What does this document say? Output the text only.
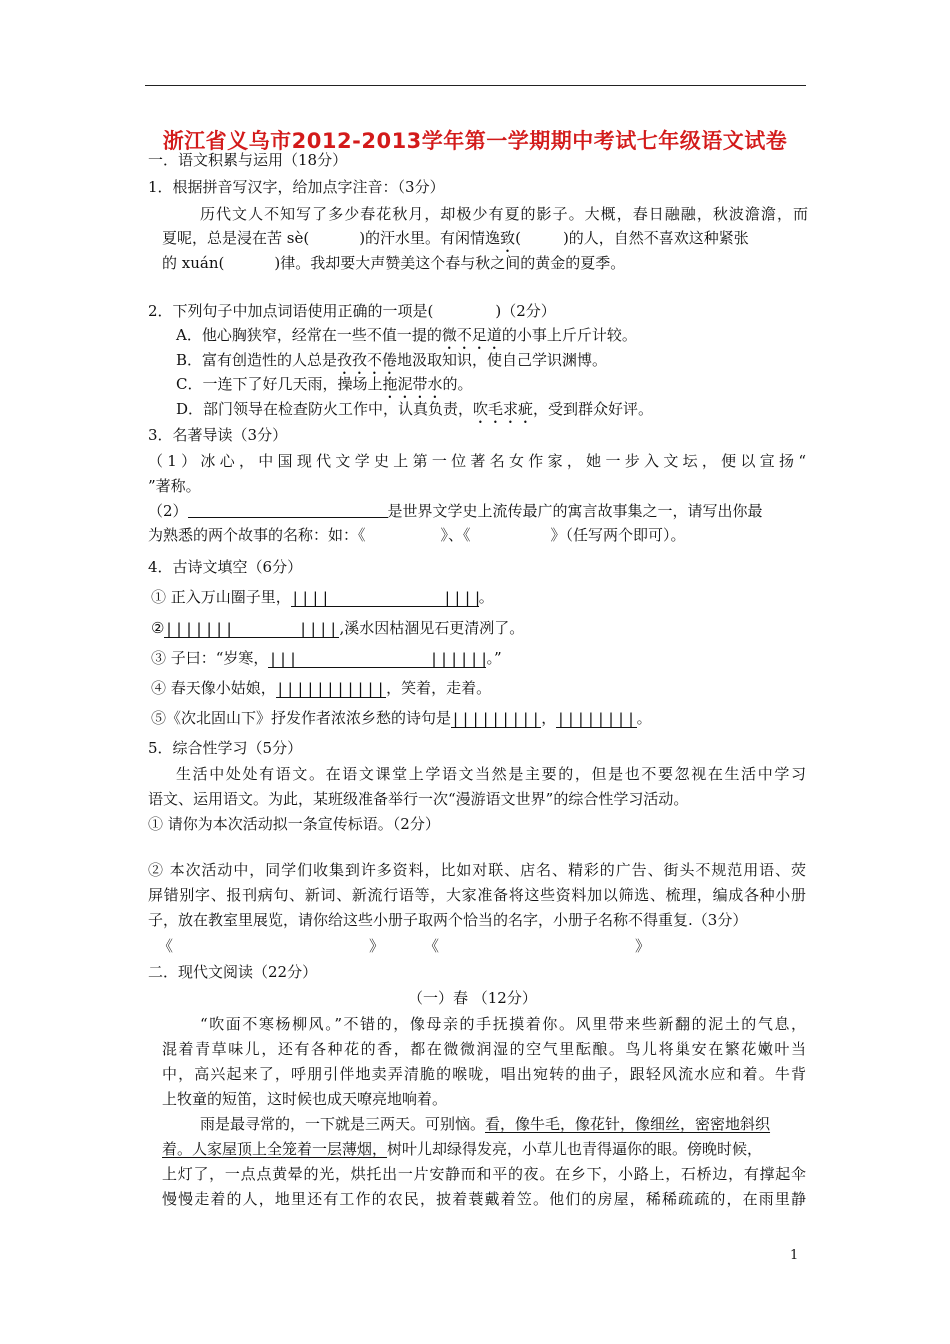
浙江省义乌市2012-2013学年第一学期期中考试七年级语文试卷
一．语文积累与运用（18分）
1．根据拼音写汉字，给加点字注音：（3分）
历代文人不知写了多少春花秋月，却极少有夏的影子。大概，春日融融，秋波澹澹，而
夏呢，总是浸在苦 sè(	)的汗水里。有闲情逸致(	)的人，自然不喜欢这种紧张
的 xuán(	)律。我却要大声赞美这个春与秋之间的黄金的夏季。
2．下列句子中加点词语使用正确的一项是(	)（2分）
A．他心胸狭窄，经常在一些不值一提的微不足道的小事上斤斤计较。
B．富有创造性的人总是孜孜不倦地汲取知识，使自己学识渊博。
C．一连下了好几天雨，操场上拖泥带水的。
D．部门领导在检查防火工作中，认真负责，吹毛求疵，受到群众好评。
3．名著导读（3分）
（1）冰心，中国现代文学史上第一位著名女作家，她一步入文坛，便以宣扬“
”著称。
（2）	是世界文学史上流传最广的寓言故事集之一，请写出你最
为熟悉的两个故事的名称：如：《	》、《	》（任写两个即可）。
4．古诗文填空（6分）
① 正入万山圈子里，||||	||||。
②|||||||	||||,溪水因枯涸见石更清冽了。
③ 子曰：“岁寒，|||	||||||。”
④ 春天像小姑娘，|||||||||||，笑着，走着。
⑤《次北固山下》抒发作者浓浓乡愁的诗句是|||||||||，||||||||。
5．综合性学习（5分）
生活中处处有语文。在语文课堂上学语文当然是主要的，但是也不要忽视在生活中学习
语文、运用语文。为此，某班级准备举行一次“漫游语文世界”的综合性学习活动。
① 请你为本次活动拟一条宣传标语。（2分）
② 本次活动中，同学们收集到许多资料，比如对联、店名、精彩的广告、街头不规范用语、荧
屏错别字、报刊病句、新词、新流行语等，大家准备将这些资料加以筛选、梳理，编成各种小册
子，放在教室里展览，请你给这些小册子取两个恰当的名字，小册子名称不得重复.（3分）
《	》	《	》
二．现代文阅读（22分）
（一）春 （12分）
“吹面不寒杨柳风。”不错的，像母亲的手抚摸着你。风里带来些新翻的泥土的气息，
混着青草味儿，还有各种花的香，都在微微润湿的空气里酝酿。鸟儿将巢安在繁花嫩叶当
中，高兴起来了，呼朋引伴地卖弄清脆的喉咙，唱出宛转的曲子，跟轻风流水应和着。牛背
上牧童的短笛，这时候也成天嘹亮地响着。
雨是最寻常的，一下就是三两天。可别恼。看，像牛毛，像花针，像细丝，密密地斜织
着。人家屋顶上全笼着一层薄烟，树叶儿却绿得发亮，小草儿也青得逼你的眼。傍晚时候，
上灯了，一点点黄晕的光，烘托出一片安静而和平的夜。在乡下，小路上，石桥边，有撑起伞
慢慢走着的人，地里还有工作的农民，披着蓑戴着笠。他们的房屋，稀稀疏疏的，在雨里静
1
